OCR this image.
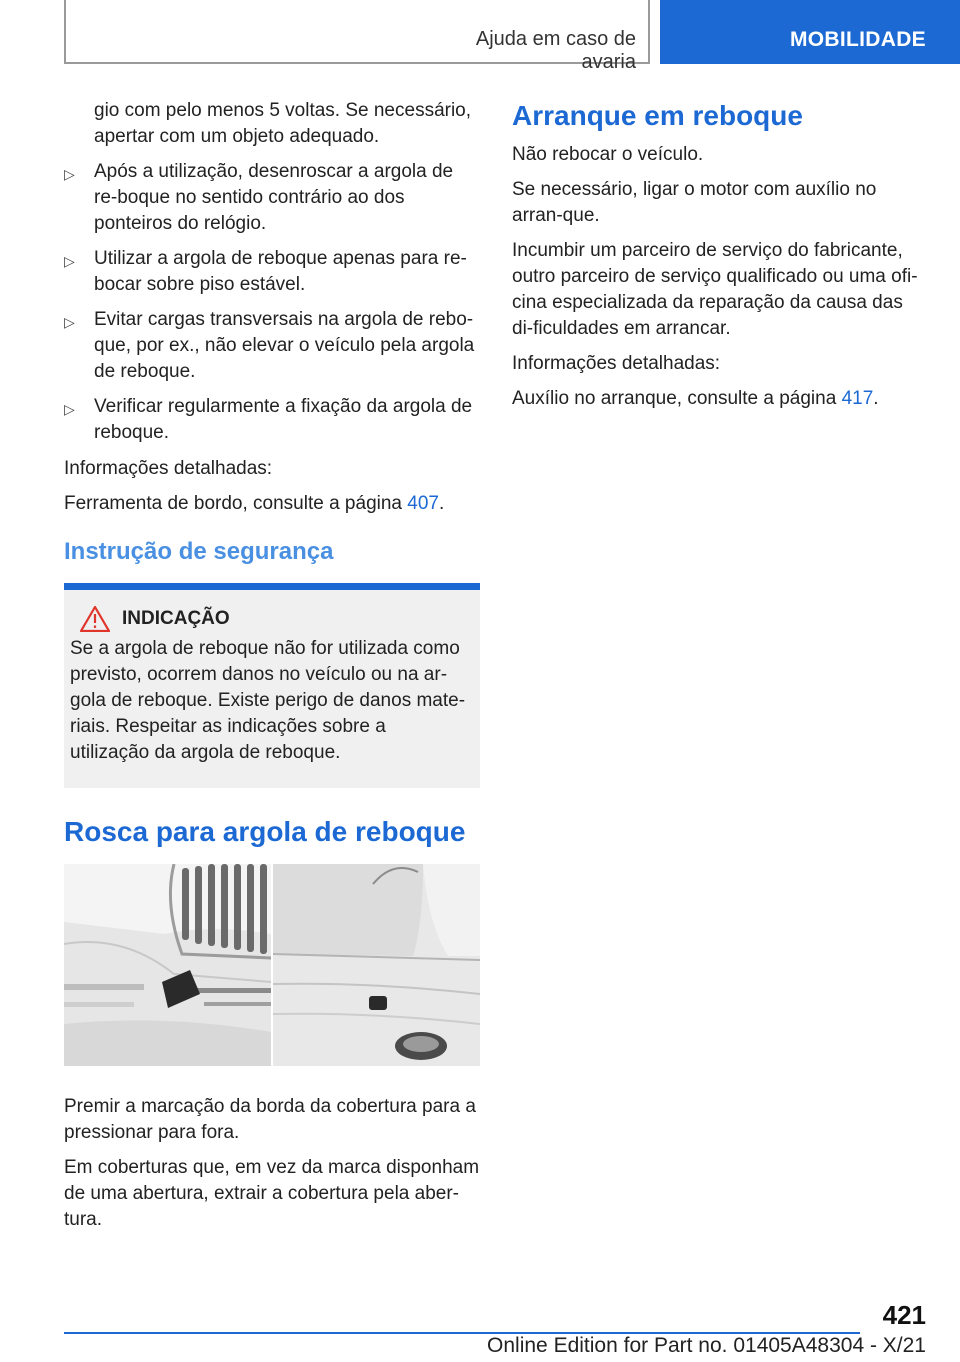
Ajuda em caso de avaria
MOBILIDADE

gio com pelo menos 5 voltas. Se necessário, apertar com um objeto adequado.

▷ Após a utilização, desenroscar a argola de re-boque no sentido contrário ao dos ponteiros do relógio.
▷ Utilizar a argola de reboque apenas para re-bocar sobre piso estável.
▷ Evitar cargas transversais na argola de rebo-que, por ex., não elevar o veículo pela argola de reboque.
▷ Verificar regularmente a fixação da argola de reboque.

Informações detalhadas:

Ferramenta de bordo, consulte a página 407.

Instrução de segurança
INDICAÇÃO
Se a argola de reboque não for utilizada como previsto, ocorrem danos no veículo ou na ar-gola de reboque. Existe perigo de danos mate-riais. Respeitar as indicações sobre a utilização da argola de reboque.
Rosca para argola de reboque

Premir a marcação da borda da cobertura para a pressionar para fora.

Em coberturas que, em vez da marca disponham de uma abertura, extrair a cobertura pela aber-tura.

Arranque em reboque

Não rebocar o veículo.

Se necessário, ligar o motor com auxílio no arran-que.

Incumbir um parceiro de serviço do fabricante, outro parceiro de serviço qualificado ou uma ofi-cina especializada da reparação da causa das di-ficuldades em arrancar.

Informações detalhadas:

Auxílio no arranque, consulte a página 417.

421
Online Edition for Part no. 01405A48304 - X/21
